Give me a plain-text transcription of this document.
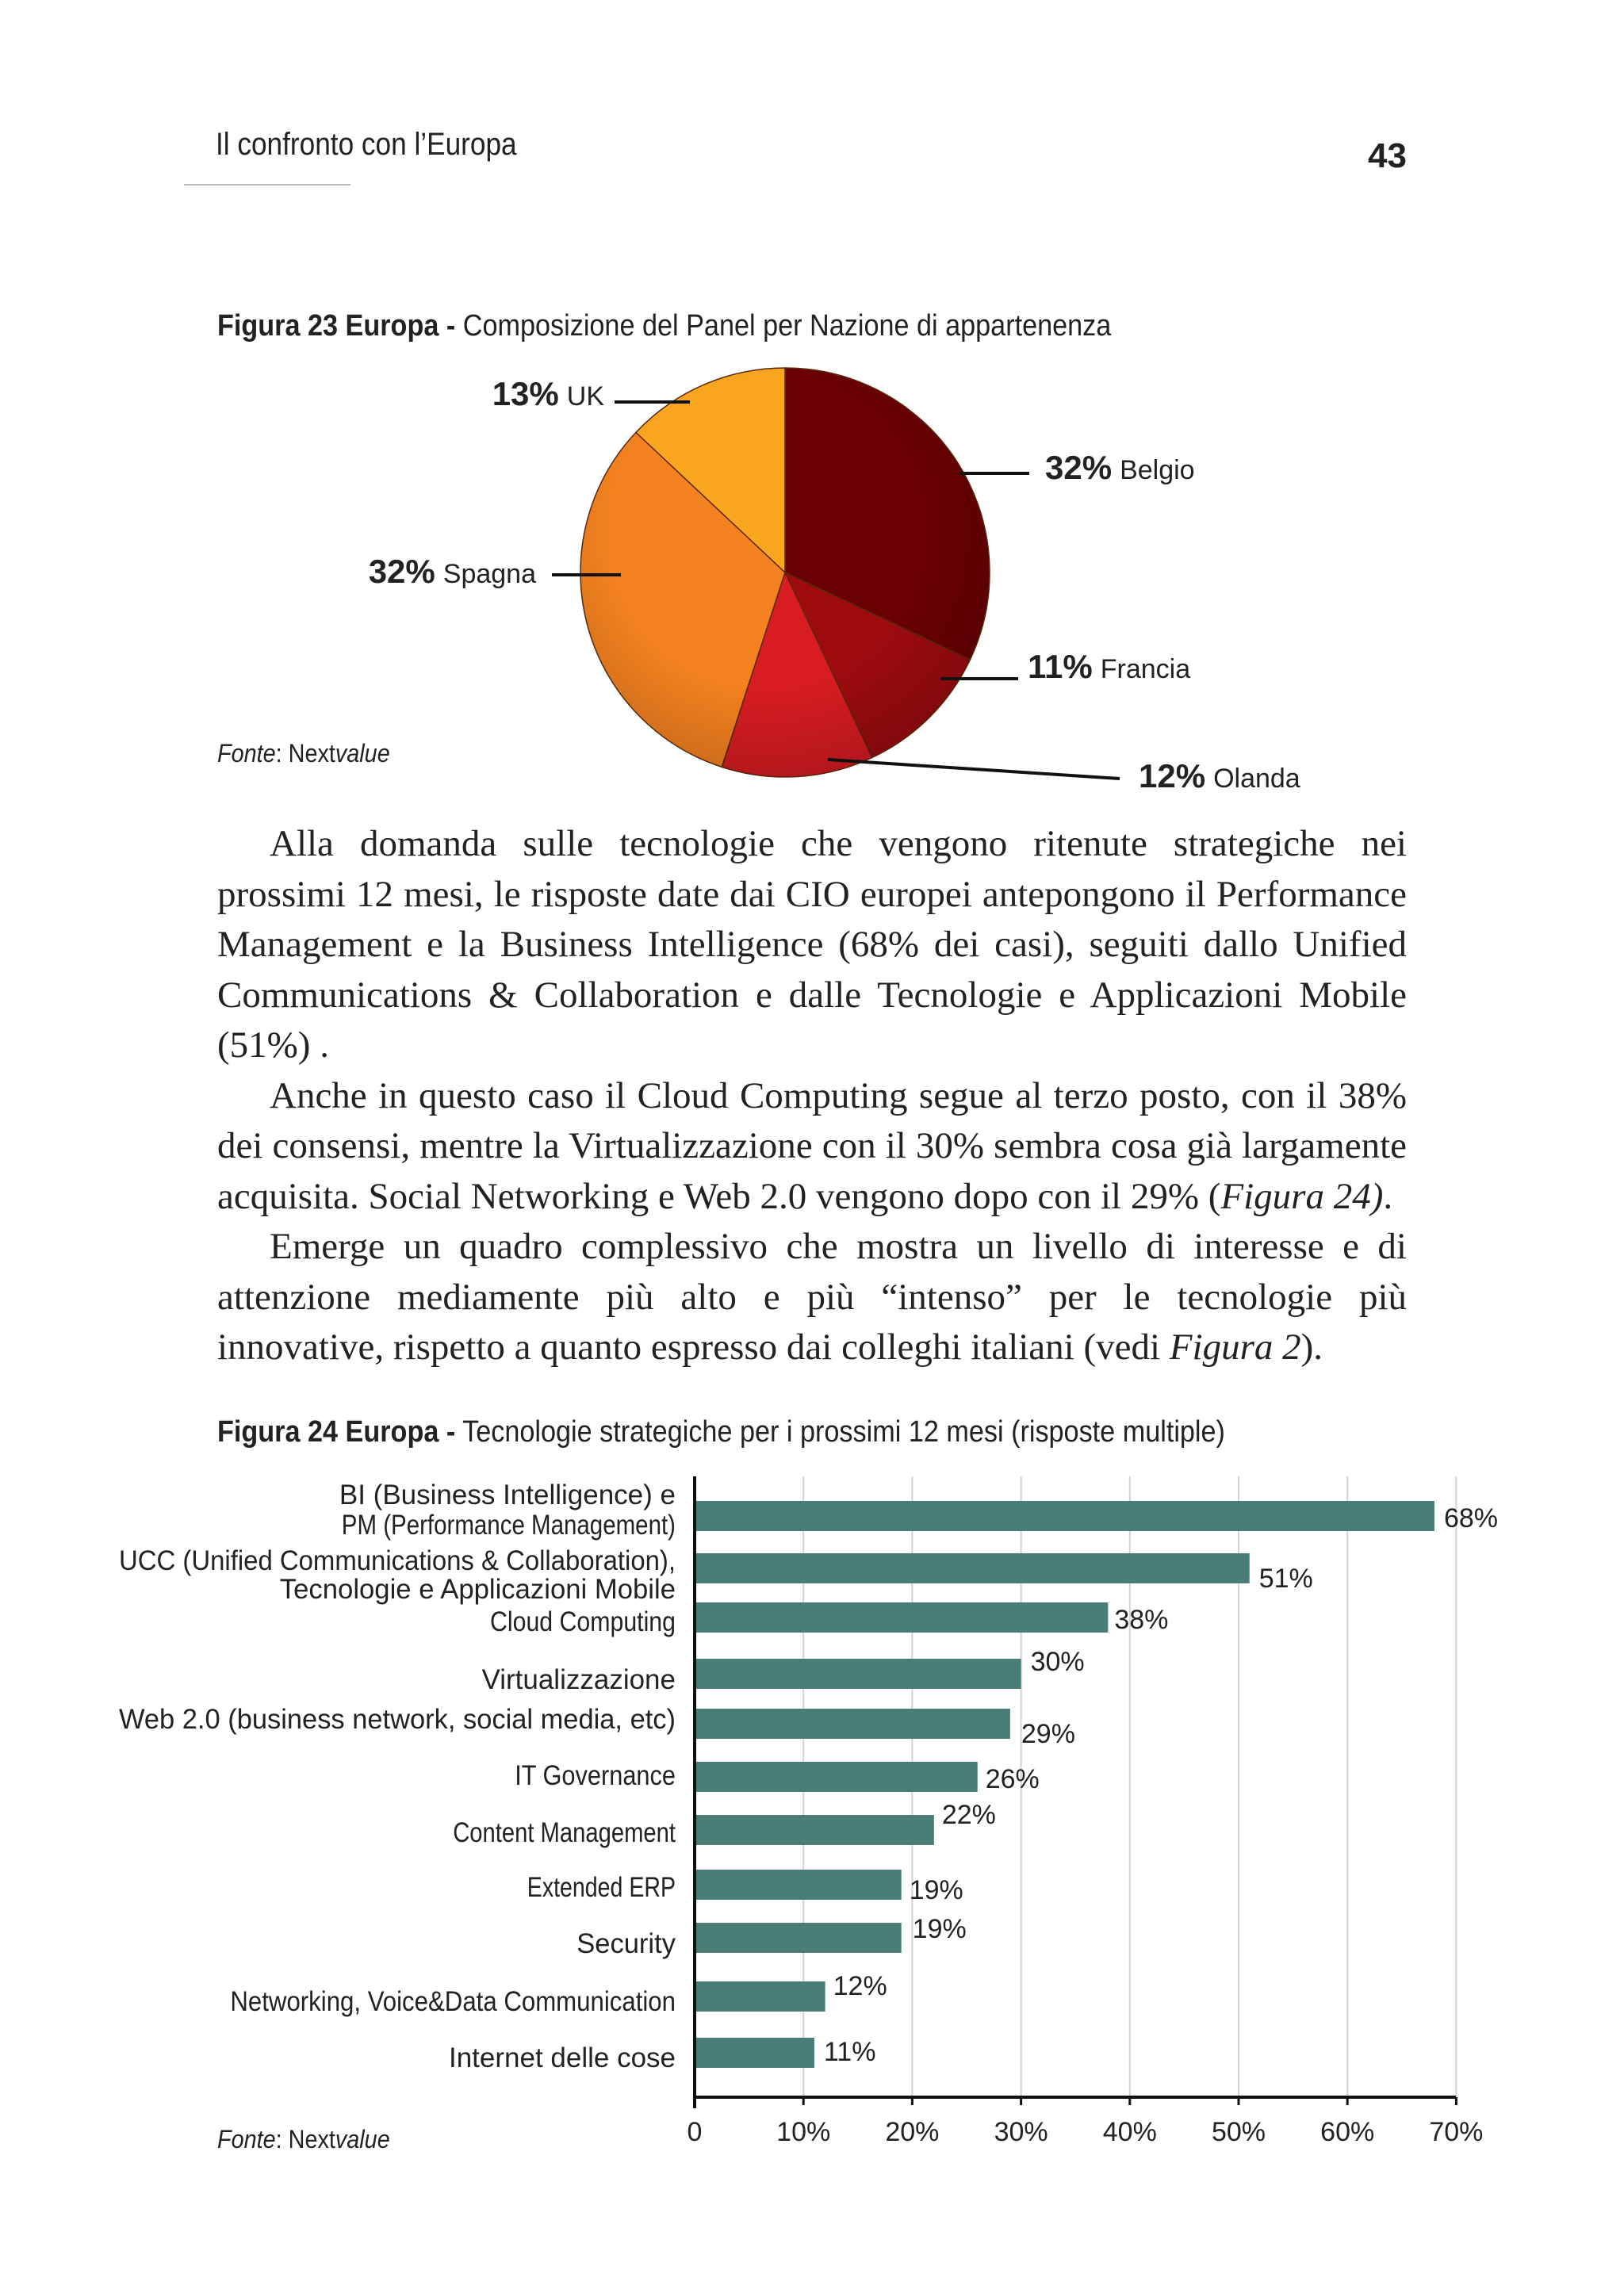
Il confronto con l’Europa	43
Figura 23 Europa - Composizione del Panel per Nazione di appartenenza
32% Belgio
11% Francia
12% Olanda
32% Spagna
13% UK
Fonte: Nextvalue

Alla domanda sulle tecnologie che vengono ritenute strategiche nei prossimi 12 mesi, le risposte date dai CIO europei antepongono il Performance Management e la Business Intelligence (68% dei casi), seguiti dallo Unified Communications & Collaboration e dalle Tecnologie e Applicazioni Mobile (51%) .

Anche in questo caso il Cloud Computing segue al terzo posto, con il 38% dei consensi, mentre la Virtualizzazione con il 30% sembra cosa già largamente acquisita. Social Networking e Web 2.0 vengono dopo con il 29% (Figura 24).

Emerge un quadro complessivo che mostra un livello di interesse e di attenzione mediamente più alto e più “intenso” per le tecnologie più innovative, rispetto a quanto espresso dai colleghi italiani (vedi Figura 2).

Figura 24 Europa - Tecnologie strategiche per i prossimi 12 mesi (risposte multiple)
68%
51%
38%
30%
29%
26%
22%
19%
19%
12%
11%
0	10% 20% 30% 40% 50% 60% 70%
BI (Business Intelligence) e
PM (Performance Management)
UCC (Unified Communications & Collaboration),
Tecnologie e Applicazioni Mobile
Cloud Computing
Virtualizzazione
Web 2.0 (business network, social media, etc)
IT Governance
Content Management
Extended ERP
Security
Networking, Voice&Data Communication
Internet delle cose
Fonte: Nextvalue
